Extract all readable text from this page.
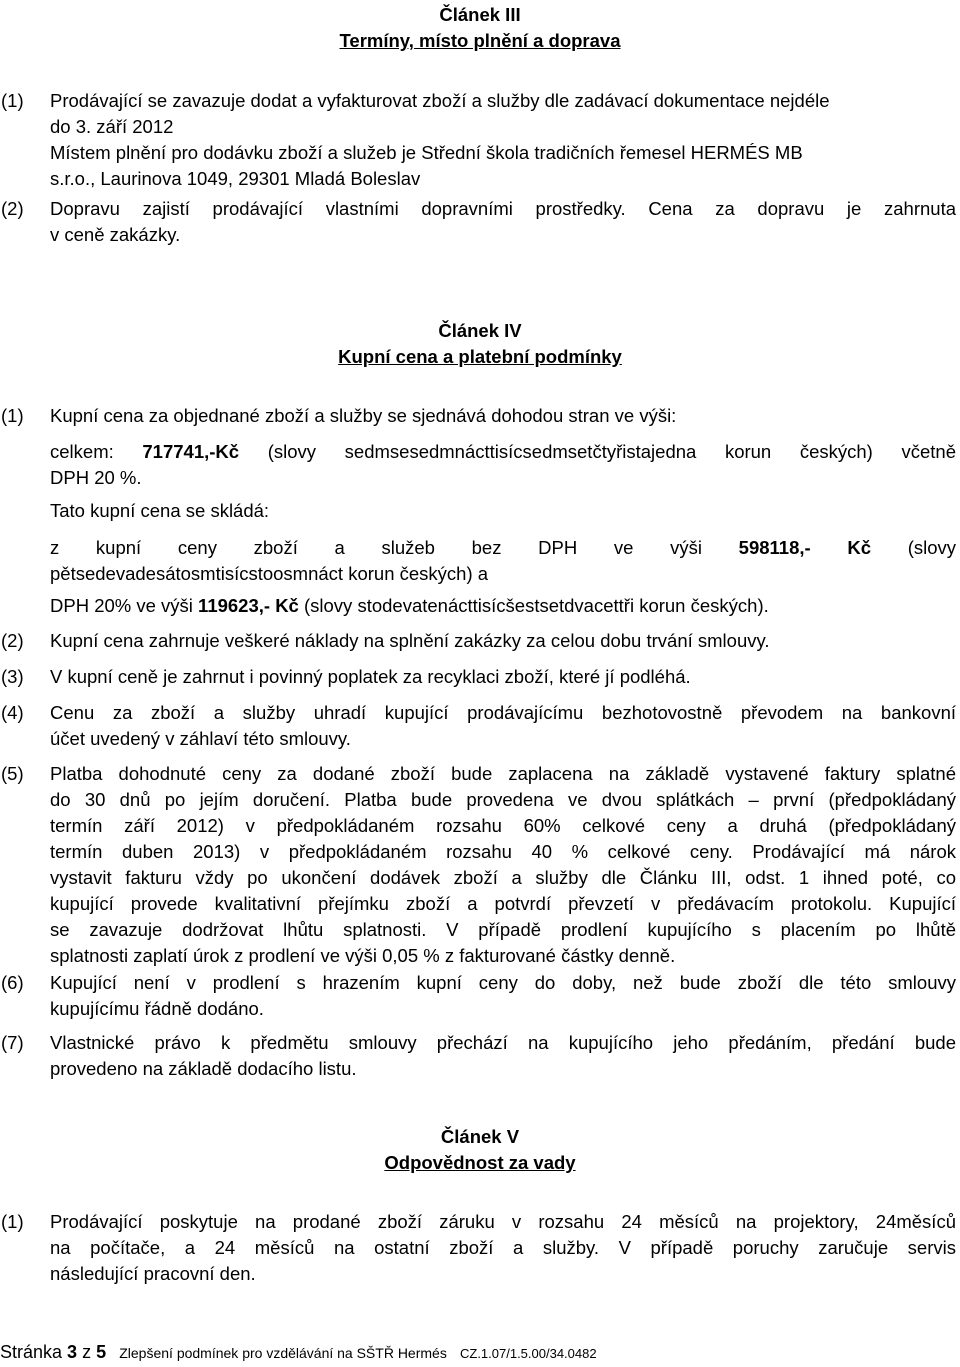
Článek III
Termíny, místo plnění a doprava
(1) Prodávající se zavazuje dodat a vyfakturovat zboží a služby dle zadávací dokumentace nejdéle
do 3. září 2012
Místem plnění pro dodávku zboží a služeb je Střední škola tradičních řemesel HERMÉS MB
s.r.o., Laurinova 1049, 29301 Mladá Boleslav
(2) Dopravu zajistí prodávající vlastními dopravními prostředky. Cena za dopravu je zahrnuta
v ceně zakázky.
Článek IV
Kupní cena a platební podmínky
(1) Kupní cena za objednané zboží a služby se sjednává dohodou stran ve výši:
celkem: 717741,-Kč (slovy sedmsesedmnácttisícsedmsetčtyřistajedna korun českých) včetně
DPH 20 %.
Tato kupní cena se skládá:
z kupní ceny zboží a služeb bez DPH ve výši 598118,- Kč (slovy
pětsedevadesátosmtisícstoosmnáct korun českých) a
DPH 20% ve výši 119623,- Kč (slovy stodevatenácttisícšestsetdvacettři korun českých).
(2) Kupní cena zahrnuje veškeré náklady na splnění zakázky za celou dobu trvání smlouvy.
(3) V kupní ceně je zahrnut i povinný poplatek za recyklaci zboží, které jí podléhá.
(4) Cenu za zboží a služby uhradí kupující prodávajícímu bezhotovostně převodem na bankovní
účet uvedený v záhlaví této smlouvy.
(5) Platba dohodnuté ceny za dodané zboží bude zaplacena na základě vystavené faktury splatné
do 30 dnů po jejím doručení. Platba bude provedena ve dvou splátkách – první (předpokládaný
termín září 2012) v předpokládaném rozsahu 60% celkové ceny a druhá (předpokládaný
termín duben 2013) v předpokládaném rozsahu 40 % celkové ceny. Prodávající má nárok
vystavit fakturu vždy po ukončení dodávek zboží a služby dle Článku III, odst. 1 ihned poté, co
kupující provede kvalitativní přejímku zboží a potvrdí převzetí v předávacím protokolu. Kupující
se zavazuje dodržovat lhůtu splatnosti. V případě prodlení kupujícího s placením po lhůtě
splatnosti zaplatí úrok z prodlení ve výši 0,05 % z fakturované částky denně.
(6) Kupující není v prodlení s hrazením kupní ceny do doby, než bude zboží dle této smlouvy
kupujícímu řádně dodáno.
(7) Vlastnické právo k předmětu smlouvy přechází na kupujícího jeho předáním, předání bude
provedeno na základě dodacího listu.
Článek V
Odpovědnost za vady
(1) Prodávající poskytuje na prodané zboží záruku v rozsahu 24 měsíců na projektory, 24měsíců
na počítače, a 24 měsíců na ostatní zboží a služby. V případě poruchy zaručuje servis
následující pracovní den.
Stránka 3 z 5 Zlepšení podmínek pro vzdělávání na SŠTŘ Hermés CZ.1.07/1.5.00/34.0482
